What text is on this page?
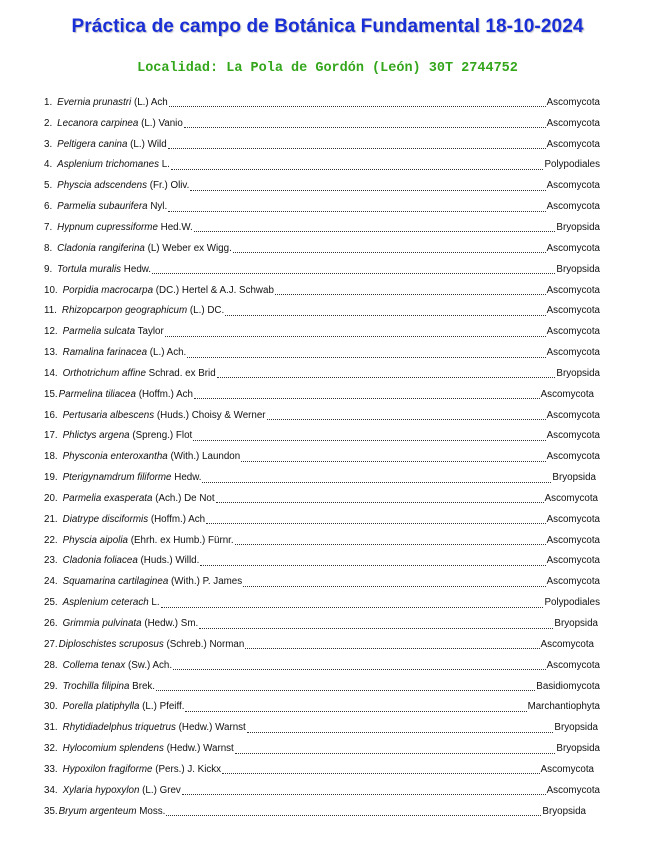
Práctica de campo de Botánica Fundamental 18-10-2024
Localidad: La Pola de Gordón (León) 30T 2744752
1. Evernia prunastri (L.) Ach	Ascomycota
2. Lecanora carpinea (L.) Vanio	Ascomycota
3. Peltigera canina (L.) Wild	Ascomycota
4. Asplenium trichomanes L.	Polypodiales
5. Physcia adscendens (Fr.) Oliv.	Ascomycota
6. Parmelia subaurifera Nyl.	Ascomycota
7. Hypnum cupressiforme Hed.W.	Bryopsida
8. Cladonia rangiferina (L) Weber ex Wigg.	Ascomycota
9. Tortula muralis Hedw.	Bryopsida
10. Porpidia macrocarpa (DC.) Hertel & A.J. Schwab	Ascomycota
11. Rhizopcarpon geographicum (L.) DC.	Ascomycota
12. Parmelia sulcata Taylor	Ascomycota
13. Ramalina farinacea (L.) Ach.	Ascomycota
14. Orthotrichum affine Schrad. ex Brid	Bryopsida
15. Parmelina tiliacea (Hoffm.) Ach	Ascomycota
16. Pertusaria albescens (Huds.) Choisy & Werner	Ascomycota
17. Phlictys argena (Spreng.) Flot	Ascomycota
18. Physconia enteroxantha (With.) Laundon	Ascomycota
19. Pterigynamdrum filiforme Hedw.	Bryopsida
20. Parmelia exasperata (Ach.) De Not	Ascomycota
21. Diatrype disciformis (Hoffm.) Ach	Ascomycota
22. Physcia aipolia (Ehrh. ex Humb.) Fürnr.	Ascomycota
23. Cladonia foliacea (Huds.) Willd.	Ascomycota
24. Squamarina cartilaginea (With.) P. James	Ascomycota
25. Asplenium ceterach L.	Polypodiales
26. Grimmia pulvinata (Hedw.) Sm.	Bryopsida
27. Diploschistes scruposus (Schreb.) Norman	Ascomycota
28. Collema tenax (Sw.) Ach.	Ascomycota
29. Trochilla filipina Brek.	Basidiomycota
30. Porella platiphylla (L.) Pfeiff.	Marchantiophyta
31. Rhytidiadelphus triquetrus (Hedw.) Warnst	Bryopsida
32. Hylocomium splendens (Hedw.) Warnst	Bryopsida
33. Hypoxilon fragiforme (Pers.) J. Kickx	Ascomycota
34. Xylaria hypoxylon (L.) Grev	Ascomycota
35. Bryum argenteum Moss.	Bryopsida
